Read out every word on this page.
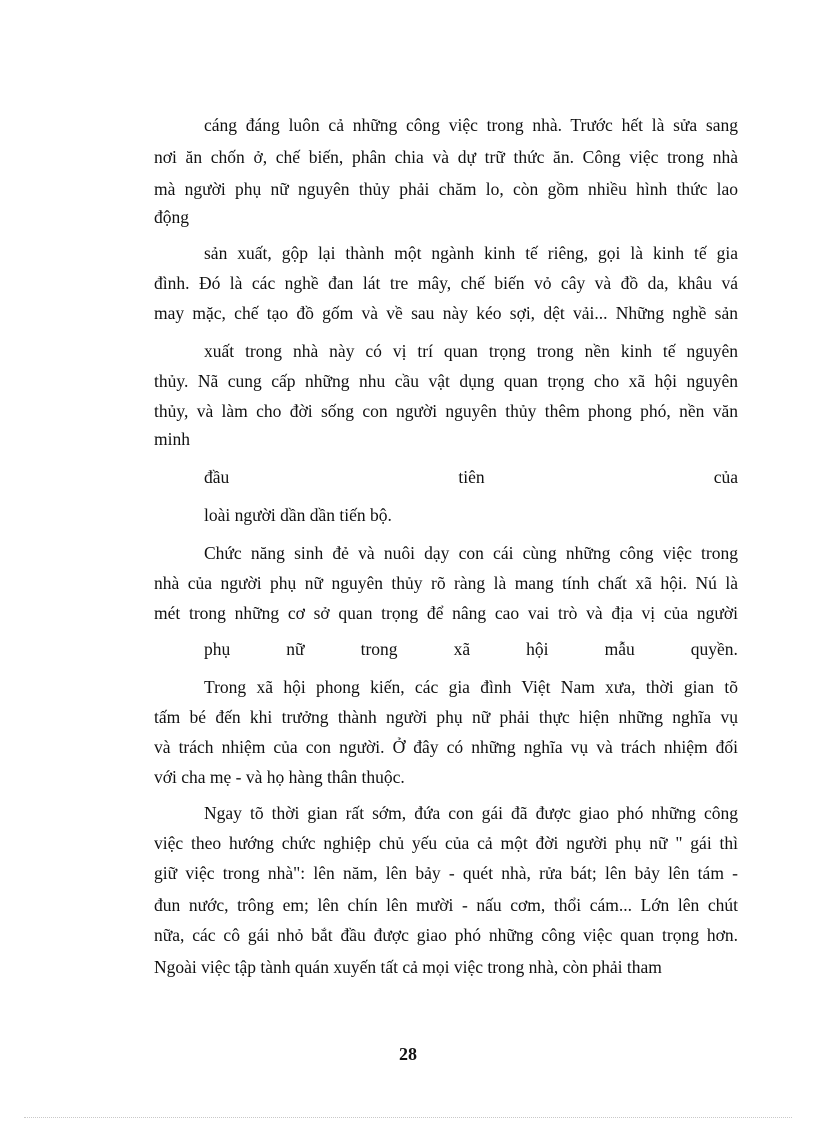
cáng đáng luôn cả những công việc trong nhà. Trước hết là sửa sang
nơi ăn chốn ở, chế biến, phân chia và dự trữ thức ăn. Công việc trong nhà
mà người phụ nữ nguyên thủy phải chăm lo, còn gồm nhiều hình thức lao
động
sản xuất, gộp lại thành một ngành kinh tế riêng, gọi là kinh tế gia
đình. Đó là các nghề đan lát tre mây, chế biến vỏ cây và đồ da, khâu vá
may mặc, chế tạo đồ gốm và về sau này kéo sợi, dệt vải... Những nghề sản
xuất trong nhà này có vị trí quan trọng trong nền kinh tế nguyên
thủy. Nã cung cấp những nhu cầu vật dụng quan trọng cho xã hội nguyên
thủy, và làm cho đời sống con người nguyên thủy thêm phong phó, nền văn
minh
đầu	tiên	của
loài người dần dần tiến bộ.
Chức năng sinh đẻ và nuôi dạy con cái cùng những công việc trong
nhà của người phụ nữ nguyên thủy rõ ràng là mang tính chất xã hội. Nú là
mét trong những cơ sở quan trọng để nâng cao vai trò và địa vị của người
phụ	nữ	trong	xã	hội	mẫu	quyền.
Trong xã hội phong kiến, các gia đình Việt Nam xưa, thời gian tõ
tấm bé đến khi trưởng thành người phụ nữ phải thực hiện những nghĩa vụ
và trách nhiệm của con người. Ở đây có những nghĩa vụ và trách nhiệm đối
với cha mẹ - và họ hàng thân thuộc.
Ngay tõ thời gian rất sớm, đứa con gái đã được giao phó những công
việc theo hướng chức nghiệp chủ yếu của cả một đời người phụ nữ " gái thì
giữ việc trong nhà": lên năm, lên bảy - quét nhà, rửa bát; lên bảy lên tám -
đun nước, trông em; lên chín lên mười - nấu cơm, thổi cám... Lớn lên chút
nữa, các cô gái nhỏ bắt đầu được giao phó những công việc quan trọng hơn.
Ngoài việc tập tành quán xuyến tất cả mọi việc trong nhà, còn phải tham
28
